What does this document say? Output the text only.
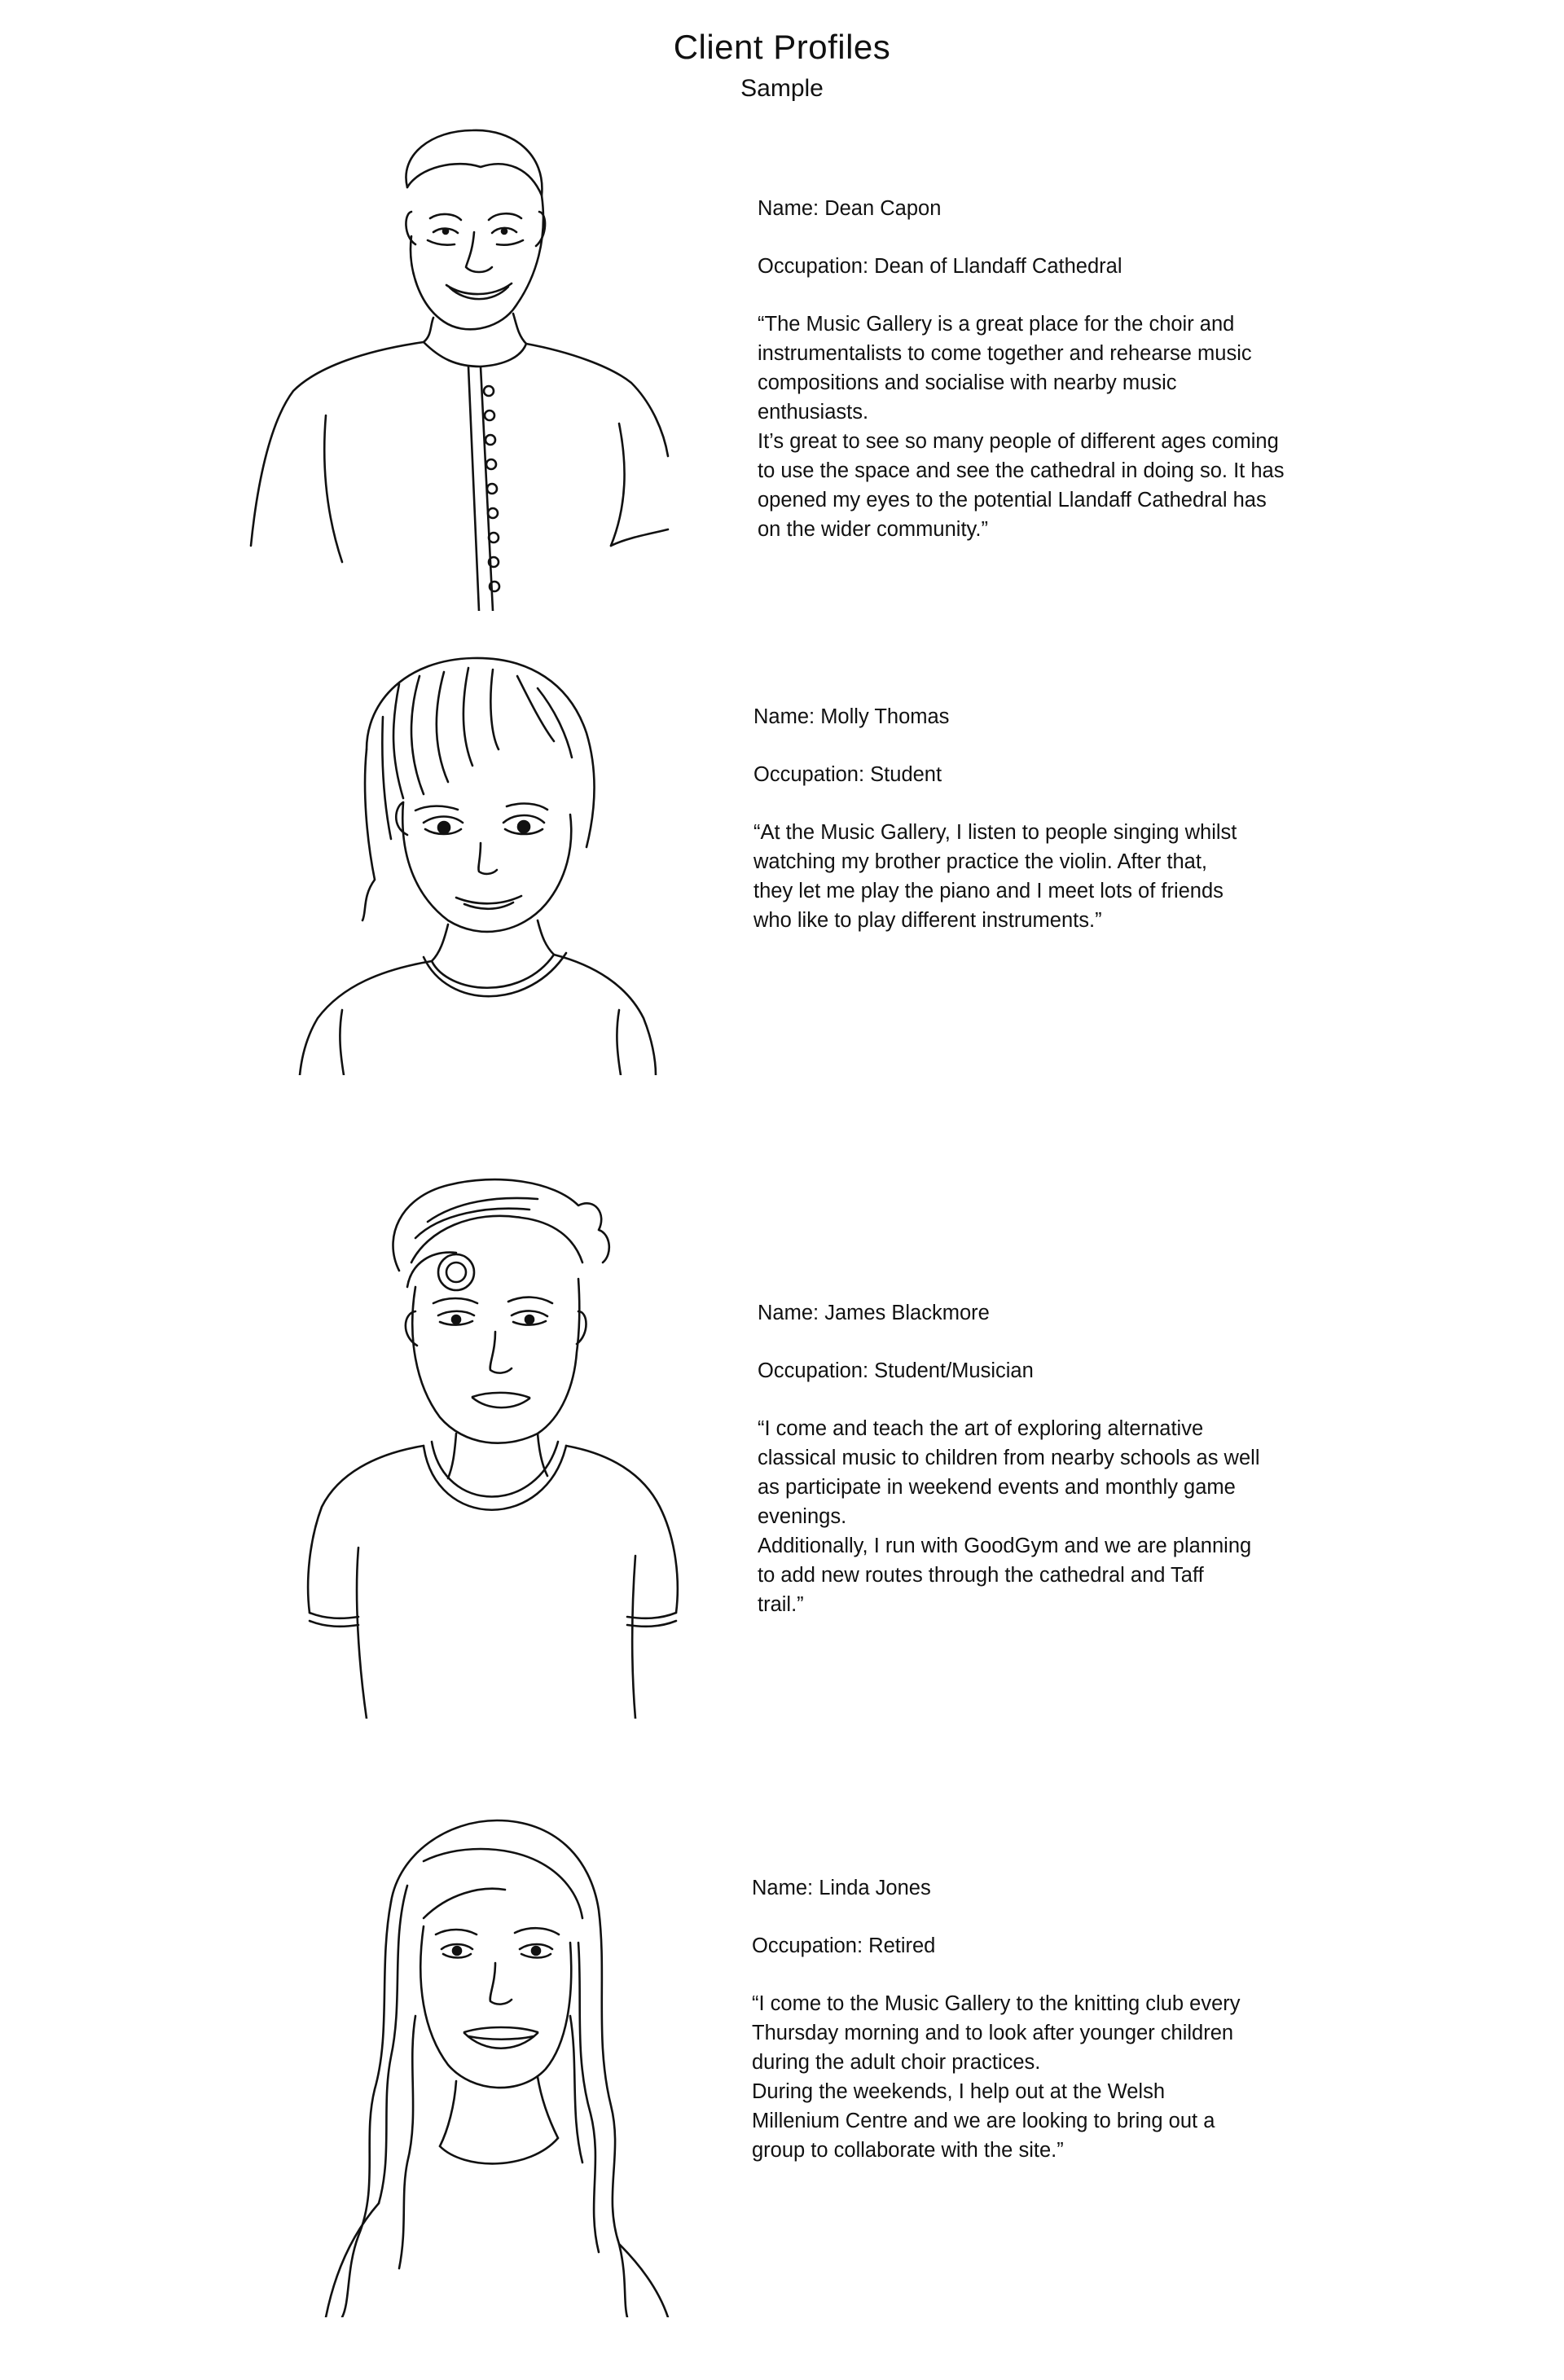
Client Profiles
Sample

Name: Dean Capon

Occupation: Dean of Llandaff Cathedral

“The Music Gallery is a great place for the choir and
instrumentalists to come together and rehearse music
compositions and socialise with nearby music
enthusiasts.
It’s great to see so many people of different ages coming
to use the space and see the cathedral in doing so. It has
opened my eyes to the potential Llandaff Cathedral has
on the wider community.”

Name: Molly Thomas

Occupation: Student

“At the Music Gallery, I listen to people singing whilst
watching my brother practice the violin. After that,
they let me play the piano and I meet lots of friends
who like to play different instruments.”

Name: James Blackmore

Occupation: Student/Musician

“I come and teach the art of exploring alternative
classical music to children from nearby schools as well
as participate in weekend events and monthly game
evenings.
Additionally, I run with GoodGym and we are planning
to add new routes through the cathedral and Taff
trail.”

Name: Linda Jones

Occupation: Retired

“I come to the Music Gallery to the knitting club every
Thursday morning and to look after younger children
during the adult choir practices.
During the weekends, I help out at the Welsh
Millenium Centre and we are looking to bring out a
group to collaborate with the site.”
